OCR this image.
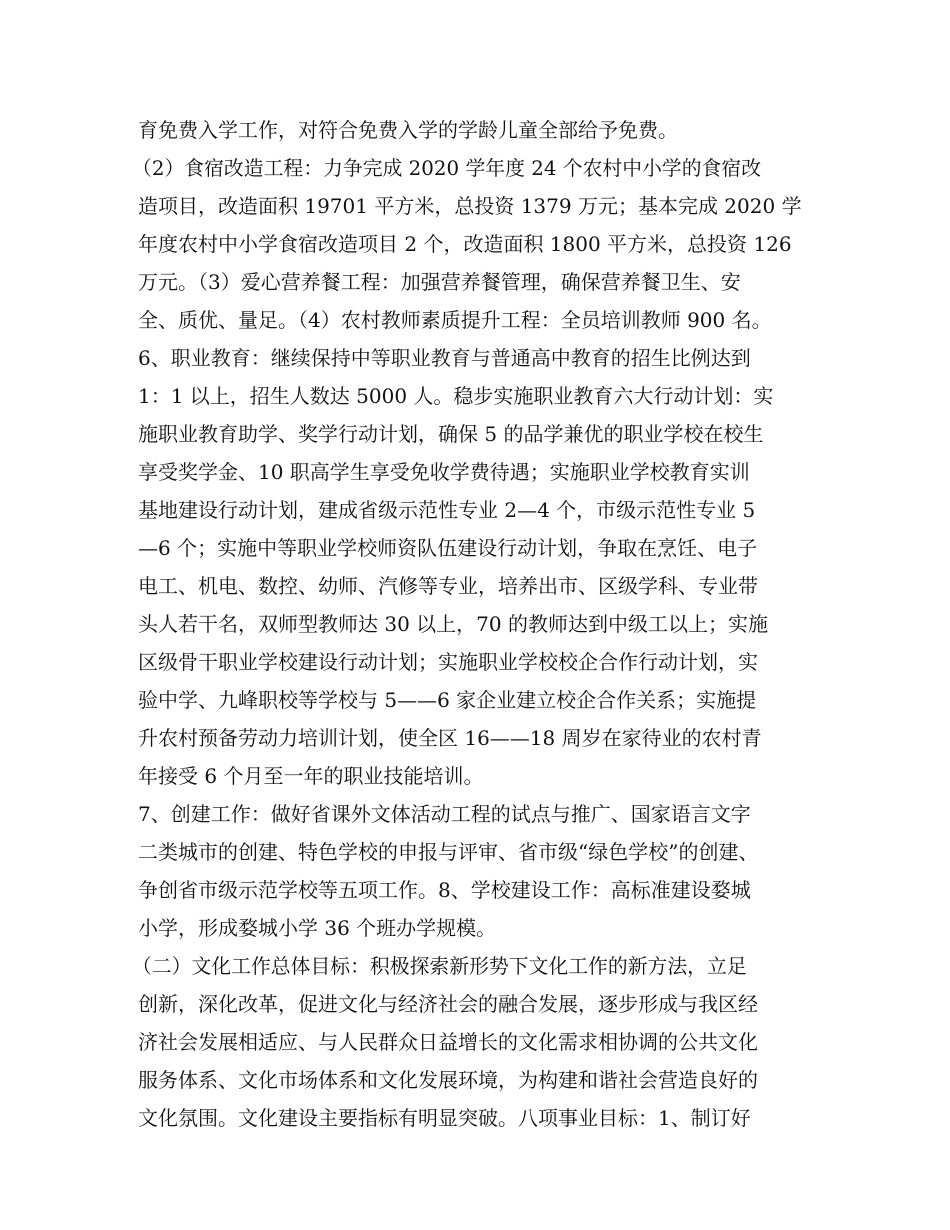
育免费入学工作，对符合免费入学的学龄儿童全部给予免费。
（2）食宿改造工程：力争完成 2020 学年度 24 个农村中小学的食宿改
造项目，改造面积 19701 平方米，总投资 1379 万元；基本完成 2020 学
年度农村中小学食宿改造项目 2 个，改造面积 1800 平方米，总投资 126
万元。（3）爱心营养餐工程：加强营养餐管理，确保营养餐卫生、安
全、质优、量足。（4）农村教师素质提升工程：全员培训教师 900 名。
6、职业教育：继续保持中等职业教育与普通高中教育的招生比例达到
1：1 以上，招生人数达 5000 人。稳步实施职业教育六大行动计划：实
施职业教育助学、奖学行动计划，确保 5 的品学兼优的职业学校在校生
享受奖学金、10 职高学生享受免收学费待遇；实施职业学校教育实训
基地建设行动计划，建成省级示范性专业 2—4 个，市级示范性专业 5
—6 个；实施中等职业学校师资队伍建设行动计划，争取在烹饪、电子
电工、机电、数控、幼师、汽修等专业，培养出市、区级学科、专业带
头人若干名，双师型教师达 30 以上，70 的教师达到中级工以上；实施
区级骨干职业学校建设行动计划；实施职业学校校企合作行动计划，实
验中学、九峰职校等学校与 5——6 家企业建立校企合作关系；实施提
升农村预备劳动力培训计划，使全区 16——18 周岁在家待业的农村青
年接受 6 个月至一年的职业技能培训。
7、创建工作：做好省课外文体活动工程的试点与推广、国家语言文字
二类城市的创建、特色学校的申报与评审、省市级“绿色学校”的创建、
争创省市级示范学校等五项工作。8、学校建设工作：高标准建设婺城
小学，形成婺城小学 36 个班办学规模。
（二）文化工作总体目标：积极探索新形势下文化工作的新方法，立足
创新，深化改革，促进文化与经济社会的融合发展，逐步形成与我区经
济社会发展相适应、与人民群众日益增长的文化需求相协调的公共文化
服务体系、文化市场体系和文化发展环境，为构建和谐社会营造良好的
文化氛围。文化建设主要指标有明显突破。八项事业目标：1、制订好
